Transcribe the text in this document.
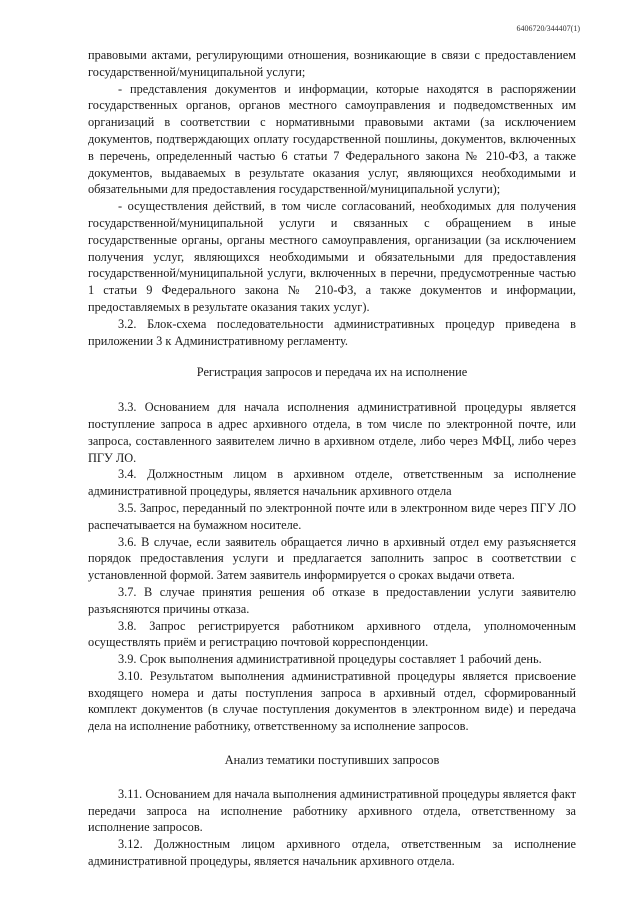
6406720/344407(1)

правовыми актами, регулирующими отношения, возникающие в связи с предоставлением государственной/муниципальной услуги;

- представления документов и информации, которые находятся в распоряжении государственных органов, органов местного самоуправления и подведомственных им организаций в соответствии с нормативными правовыми актами (за исключением документов, подтверждающих оплату государственной пошлины, документов, включенных в перечень, определенный частью 6 статьи 7 Федерального закона № 210-ФЗ, а также документов, выдаваемых в результате оказания услуг, являющихся необходимыми и обязательными для предоставления государственной/муниципальной услуги);

- осуществления действий, в том числе согласований, необходимых для получения государственной/муниципальной услуги и связанных с обращением в иные государственные органы, органы местного самоуправления, организации (за исключением получения услуг, являющихся необходимыми и обязательными для предоставления государственной/муниципальной услуги, включенных в перечни, предусмотренные частью 1 статьи 9 Федерального закона № 210-ФЗ, а также документов и информации, предоставляемых в результате оказания таких услуг).

3.2. Блок-схема последовательности административных процедур приведена в приложении 3 к Административному регламенту.

Регистрация запросов и передача их на исполнение

3.3. Основанием для начала исполнения административной процедуры является поступление запроса в адрес архивного отдела, в том числе по электронной почте, или запроса, составленного заявителем лично в архивном отделе, либо через МФЦ, либо через ПГУ ЛО.

3.4. Должностным лицом в архивном отделе, ответственным за исполнение административной процедуры, является начальник архивного отдела

3.5. Запрос, переданный по электронной почте или в электронном виде через ПГУ ЛО распечатывается на бумажном носителе.

3.6. В случае, если заявитель обращается лично в архивный отдел ему разъясняется порядок предоставления услуги и предлагается заполнить запрос в соответствии с установленной формой. Затем заявитель информируется о сроках выдачи ответа.

3.7. В случае принятия решения об отказе в предоставлении услуги заявителю разъясняются причины отказа.

3.8. Запрос регистрируется работником архивного отдела, уполномоченным осуществлять приём и регистрацию почтовой корреспонденции.

3.9. Срок выполнения административной процедуры составляет 1 рабочий день.

3.10. Результатом выполнения административной процедуры является присвоение входящего номера и даты поступления запроса в архивный отдел, сформированный комплект документов (в случае поступления документов в электронном виде) и передача дела на исполнение работнику, ответственному за исполнение запросов.

Анализ тематики поступивших запросов

3.11. Основанием для начала выполнения административной процедуры является факт передачи запроса на исполнение работнику архивного отдела, ответственному за исполнение запросов.

3.12. Должностным лицом архивного отдела, ответственным за исполнение административной процедуры, является начальник архивного отдела.
